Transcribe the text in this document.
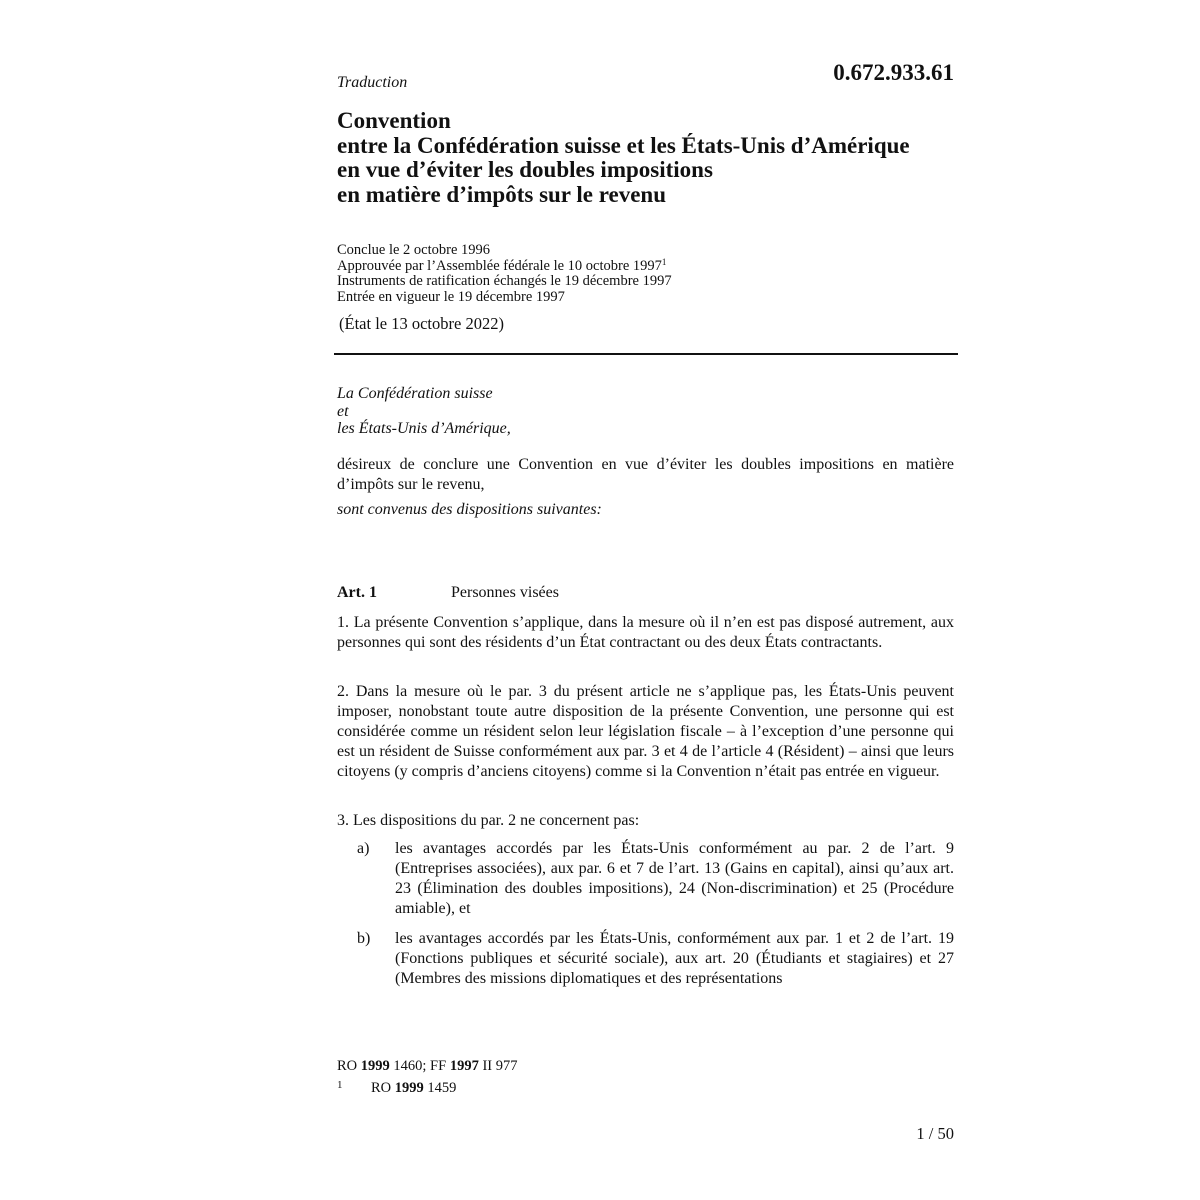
Traduction	0.672.933.61
Convention
entre la Confédération suisse et les États-Unis d’Amérique
en vue d’éviter les doubles impositions
en matière d’impôts sur le revenu
Conclue le 2 octobre 1996
Approuvée par l’Assemblée fédérale le 10 octobre 1997$^1$
Instruments de ratification échangés le 19 décembre 1997
Entrée en vigueur le 19 décembre 1997
(État le 13 octobre 2022)
La Confédération suisse
et
les États-Unis d’Amérique,
désireux de conclure une Convention en vue d’éviter les doubles impositions en matière d’impôts sur le revenu,
sont convenus des dispositions suivantes:
Art. 1	Personnes visées
1. La présente Convention s’applique, dans la mesure où il n’en est pas disposé autrement, aux personnes qui sont des résidents d’un État contractant ou des deux États contractants.
2. Dans la mesure où le par. 3 du présent article ne s’applique pas, les États-Unis peuvent imposer, nonobstant toute autre disposition de la présente Convention, une personne qui est considérée comme un résident selon leur législation fiscale – à l’exception d’une personne qui est un résident de Suisse conformément aux par. 3 et 4 de l’article 4 (Résident) – ainsi que leurs citoyens (y compris d’anciens citoyens) comme si la Convention n’était pas entrée en vigueur.
3. Les dispositions du par. 2 ne concernent pas:
a)	les avantages accordés par les États-Unis conformément au par. 2 de l’art. 9 (Entreprises associées), aux par. 6 et 7 de l’art. 13 (Gains en capital), ainsi qu’aux art. 23 (Élimination des doubles impositions), 24 (Non-discrimination) et 25 (Procédure amiable), et
b)	les avantages accordés par les États-Unis, conformément aux par. 1 et 2 de l’art. 19 (Fonctions publiques et sécurité sociale), aux art. 20 (Étudiants et stagiaires) et 27 (Membres des missions diplomatiques et des représentations
RO 1999 1460; FF 1997 II 977
1 RO 1999 1459
1 / 50
